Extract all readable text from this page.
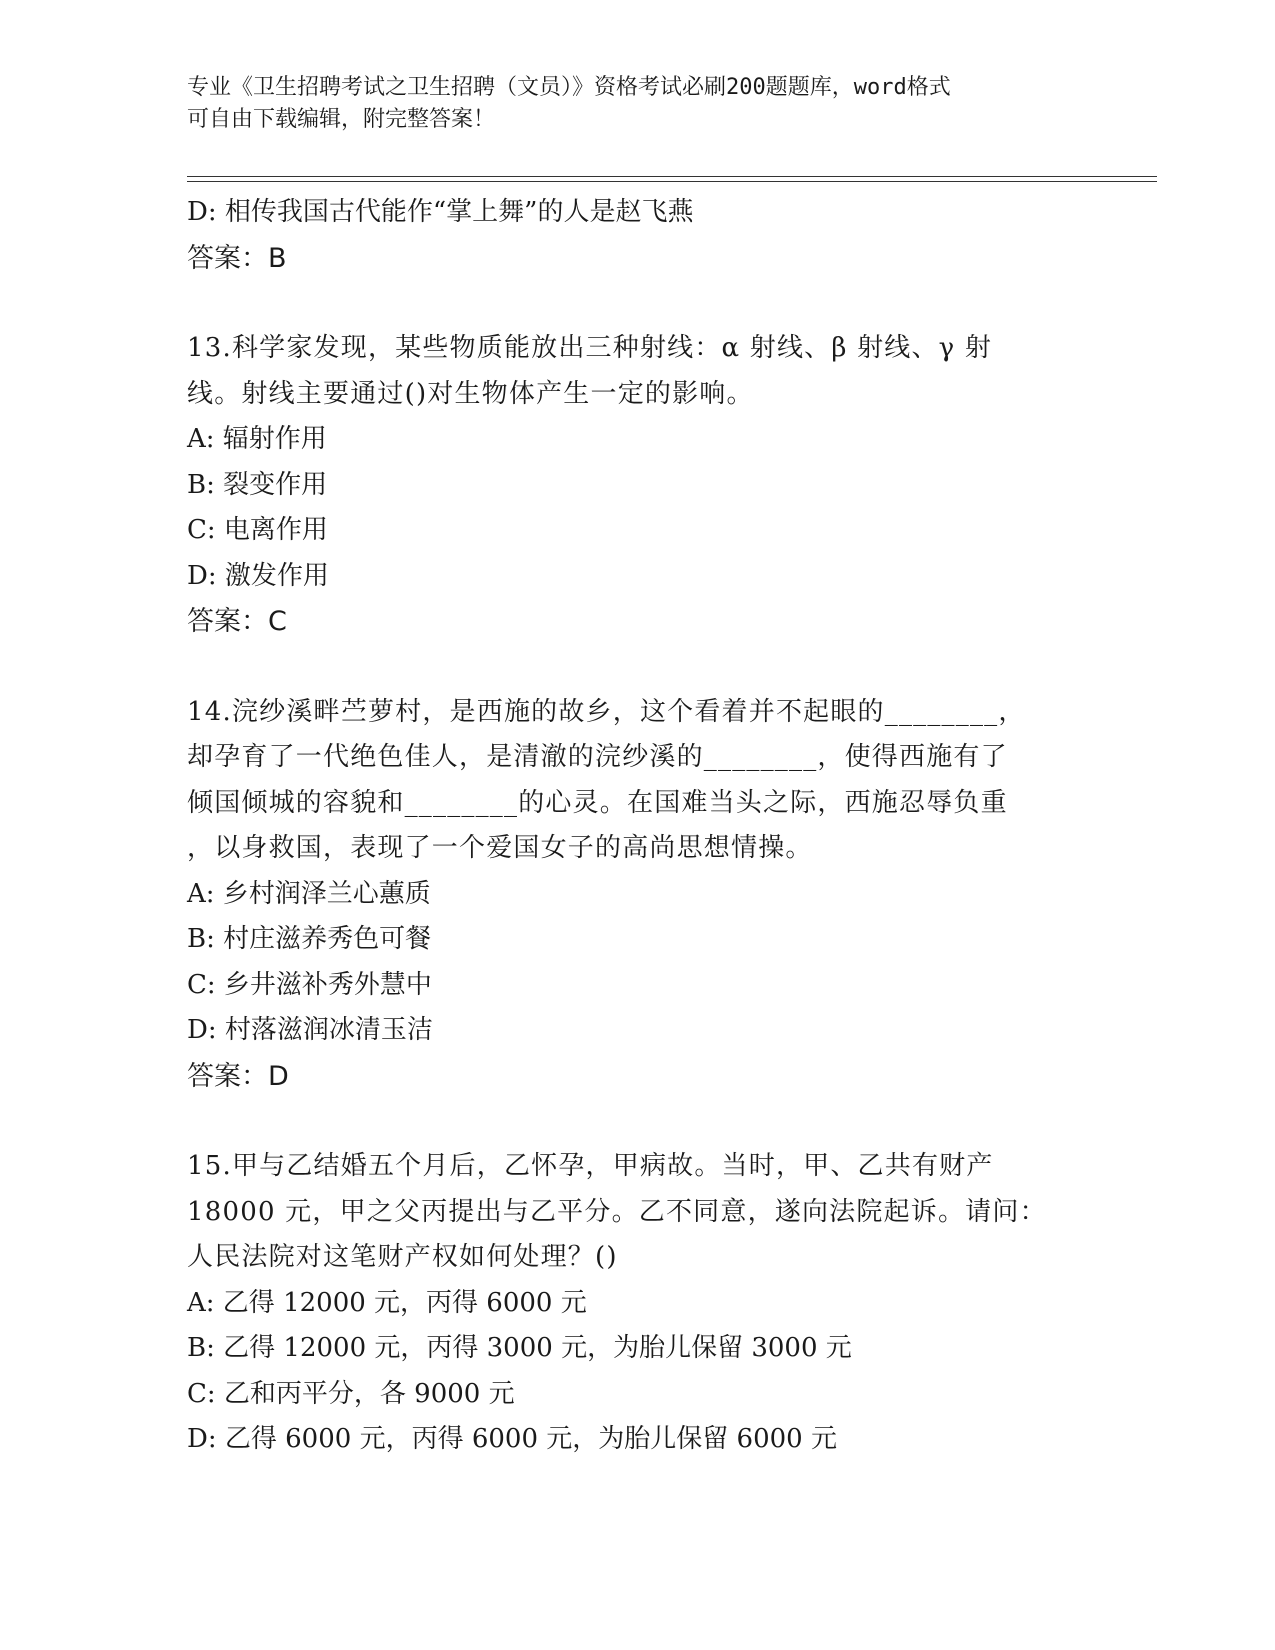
专业《卫生招聘考试之卫生招聘（文员）》资格考试必刷200题题库，word格式
可自由下载编辑，附完整答案！
D: 相传我国古代能作“掌上舞”的人是赵飞燕
答案：B
13.科学家发现，某些物质能放出三种射线：α 射线、β 射线、γ 射
线。射线主要通过()对生物体产生一定的影响。
A: 辐射作用
B: 裂变作用
C: 电离作用
D: 激发作用
答案：C
14.浣纱溪畔苎萝村，是西施的故乡，这个看着并不起眼的________，
却孕育了一代绝色佳人，是清澈的浣纱溪的________，使得西施有了
倾国倾城的容貌和________的心灵。在国难当头之际，西施忍辱负重
，以身救国，表现了一个爱国女子的高尚思想情操。
A: 乡村润泽兰心蕙质
B: 村庄滋养秀色可餐
C: 乡井滋补秀外慧中
D: 村落滋润冰清玉洁
答案：D
15.甲与乙结婚五个月后，乙怀孕，甲病故。当时，甲、乙共有财产
18000 元，甲之父丙提出与乙平分。乙不同意，遂向法院起诉。请问：
人民法院对这笔财产权如何处理？()
A: 乙得 12000 元，丙得 6000 元
B: 乙得 12000 元，丙得 3000 元，为胎儿保留 3000 元
C: 乙和丙平分，各 9000 元
D: 乙得 6000 元，丙得 6000 元，为胎儿保留 6000 元
